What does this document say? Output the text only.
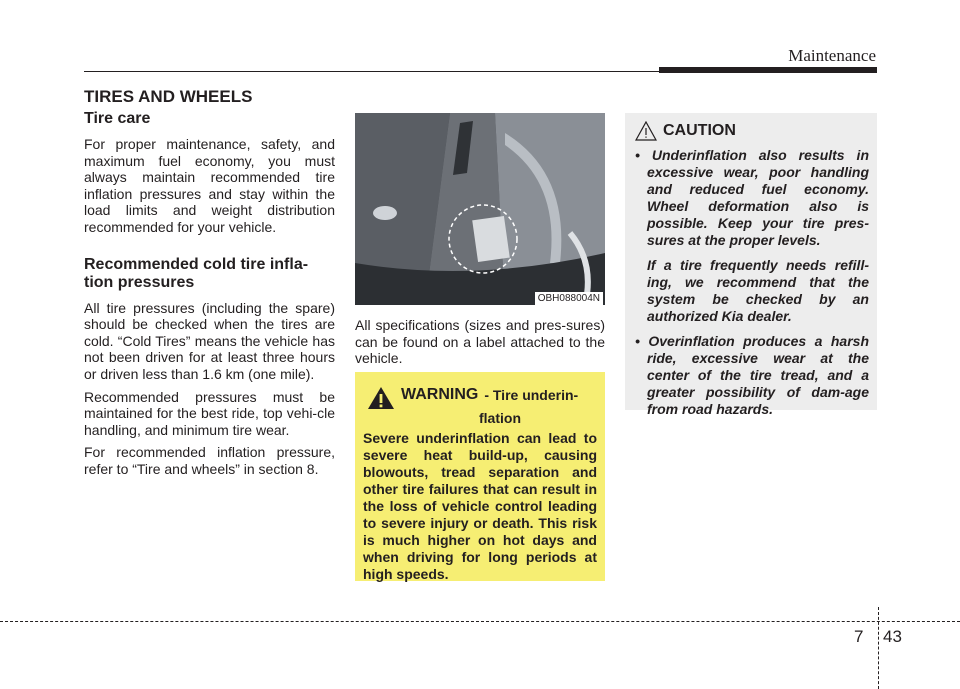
Maintenance
TIRES AND WHEELS

Tire care

For proper maintenance, safety, and maximum fuel economy, you must always maintain recommended tire inflation pressures and stay within the load limits and weight distribution recommended for your vehicle.

Recommended cold tire infla-
tion pressures

All tire pressures (including the spare) should be checked when the tires are cold. “Cold Tires” means the vehicle has not been driven for at least three hours or driven less than 1.6 km (one mile).

Recommended pressures must be maintained for the best ride, top vehi-cle handling, and minimum tire wear.

For recommended inflation pressure, refer to “Tire and wheels” in section 8.

OBH088004N

All specifications (sizes and pres-sures) can be found on a label attached to the vehicle.

WARNING - Tire underin-
flation
Severe underinflation can lead to severe heat build-up, causing blowouts, tread separation and other tire failures that can result in the loss of vehicle control leading to severe injury or death. This risk is much higher on hot days and when driving for long periods at high speeds.
CAUTION
• Underinflation also results in excessive wear, poor handling and reduced fuel economy. Wheel deformation also is possible. Keep your tire pres-sures at the proper levels.
If a tire frequently needs refill-ing, we recommend that the system be checked by an authorized Kia dealer.
• Overinflation produces a harsh ride, excessive wear at the center of the tire tread, and a greater possibility of dam-age from road hazards.
7 43
